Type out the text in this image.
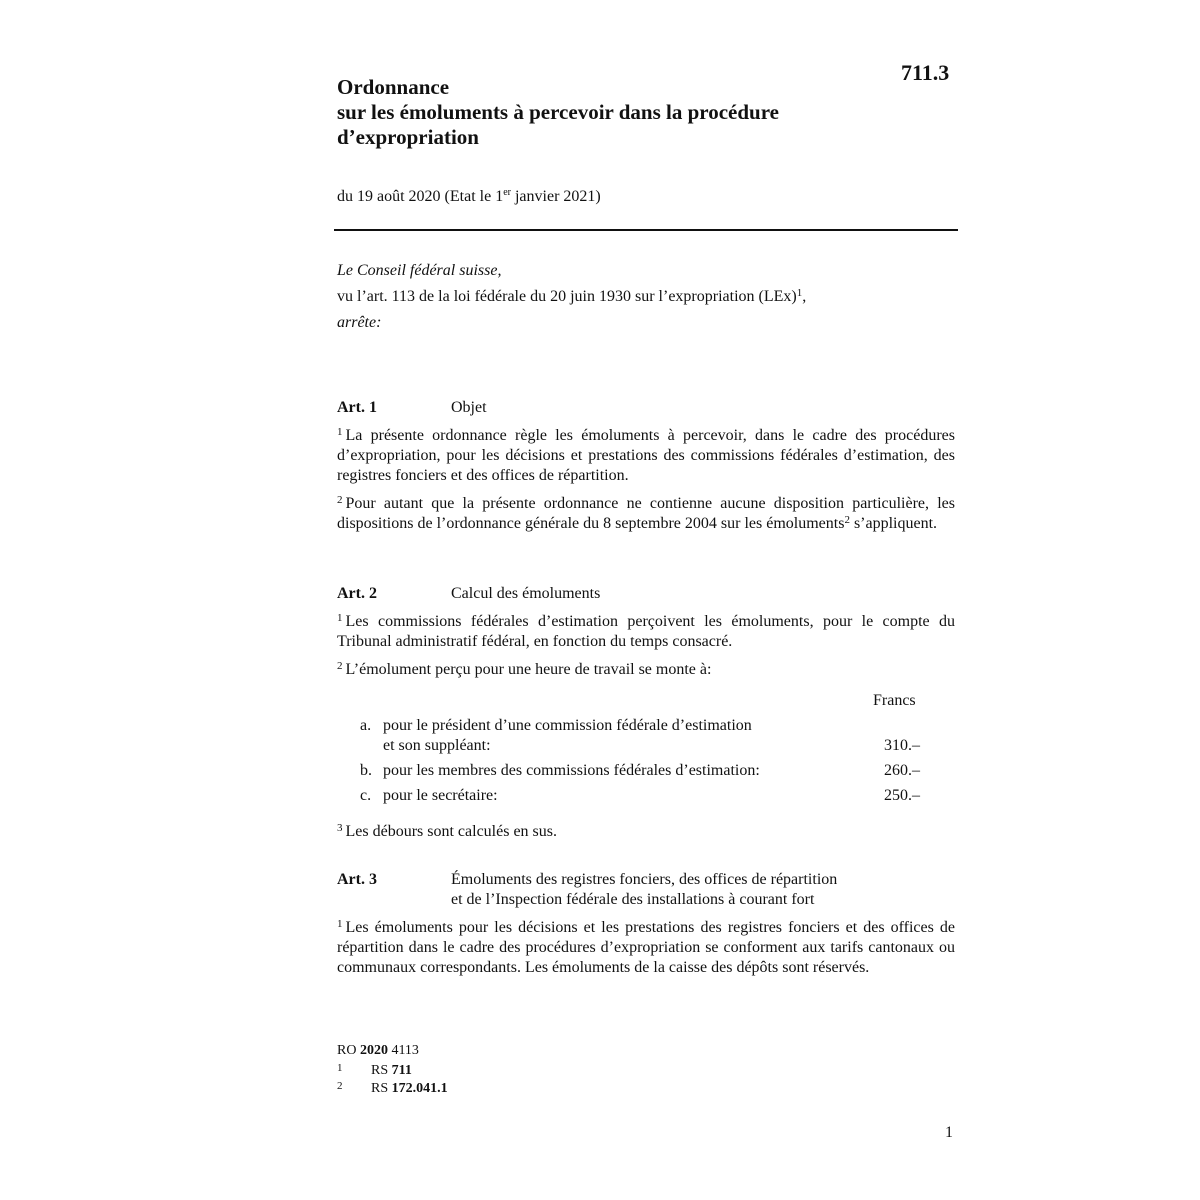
711.3
Ordonnance
sur les émoluments à percevoir dans la procédure
d’expropriation
du 19 août 2020 (Etat le 1er janvier 2021)
Le Conseil fédéral suisse,
vu l’art. 113 de la loi fédérale du 20 juin 1930 sur l’expropriation (LEx)$^1$,
arrête:
Art. 1	Objet
$^1$ La présente ordonnance règle les émoluments à percevoir, dans le cadre des procédures d’expropriation, pour les décisions et prestations des commissions fédérales d’estimation, des registres fonciers et des offices de répartition.
$^2$ Pour autant que la présente ordonnance ne contienne aucune disposition particulière, les dispositions de l’ordonnance générale du 8 septembre 2004 sur les émoluments$^2$ s’appliquent.
Art. 2	Calcul des émoluments
$^1$ Les commissions fédérales d’estimation perçoivent les émoluments, pour le compte du Tribunal administratif fédéral, en fonction du temps consacré.
$^2$ L’émolument perçu pour une heure de travail se monte à:
Francs
a. pour le président d’une commission fédérale d’estimation
et son suppléant:	310.–
b. pour les membres des commissions fédérales d’estimation:	260.–
c. pour le secrétaire:	250.–
$^3$ Les débours sont calculés en sus.
Art. 3	Émoluments des registres fonciers, des offices de répartition
et de l’Inspection fédérale des installations à courant fort
$^1$ Les émoluments pour les décisions et les prestations des registres fonciers et des offices de répartition dans le cadre des procédures d’expropriation se conforment aux tarifs cantonaux ou communaux correspondants. Les émoluments de la caisse des dépôts sont réservés.
RO 2020 4113
1 RS 711
2 RS 172.041.1
1
